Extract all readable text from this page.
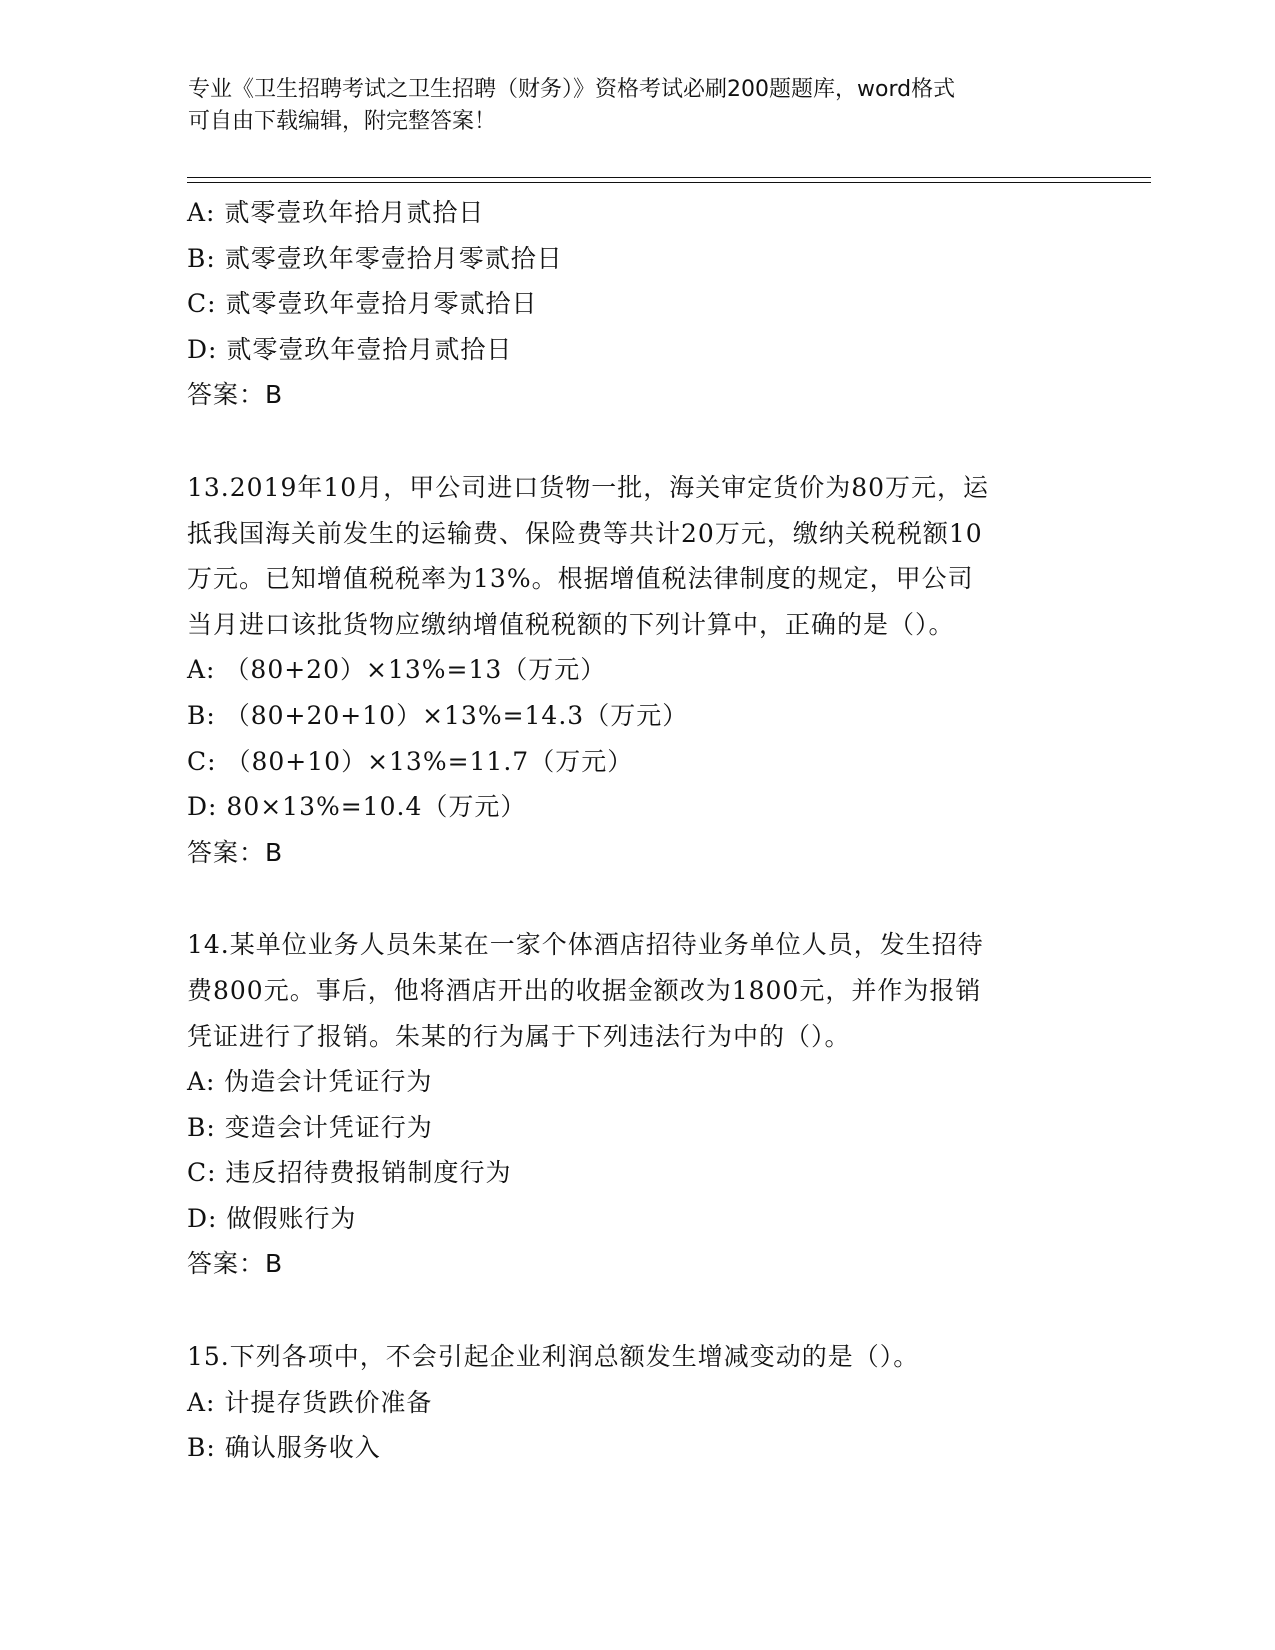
专业《卫生招聘考试之卫生招聘（财务）》资格考试必刷200题题库，word格式
可自由下载编辑，附完整答案！
A: 贰零壹玖年拾月贰拾日
B: 贰零壹玖年零壹拾月零贰拾日
C: 贰零壹玖年壹拾月零贰拾日
D: 贰零壹玖年壹拾月贰拾日
答案：B
13.2019年10月，甲公司进口货物一批，海关审定货价为80万元，运
抵我国海关前发生的运输费、保险费等共计20万元，缴纳关税税额10
万元。已知增值税税率为13%。根据增值税法律制度的规定，甲公司
当月进口该批货物应缴纳增值税税额的下列计算中，正确的是（）。
A: （80+20）×13%=13（万元）
B: （80+20+10）×13%=14.3（万元）
C: （80+10）×13%=11.7（万元）
D: 80×13%=10.4（万元）
答案：B
14.某单位业务人员朱某在一家个体酒店招待业务单位人员，发生招待
费800元。事后，他将酒店开出的收据金额改为1800元，并作为报销
凭证进行了报销。朱某的行为属于下列违法行为中的（）。
A: 伪造会计凭证行为
B: 变造会计凭证行为
C: 违反招待费报销制度行为
D: 做假账行为
答案：B
15.下列各项中，不会引起企业利润总额发生增减变动的是（）。
A: 计提存货跌价准备
B: 确认服务收入
